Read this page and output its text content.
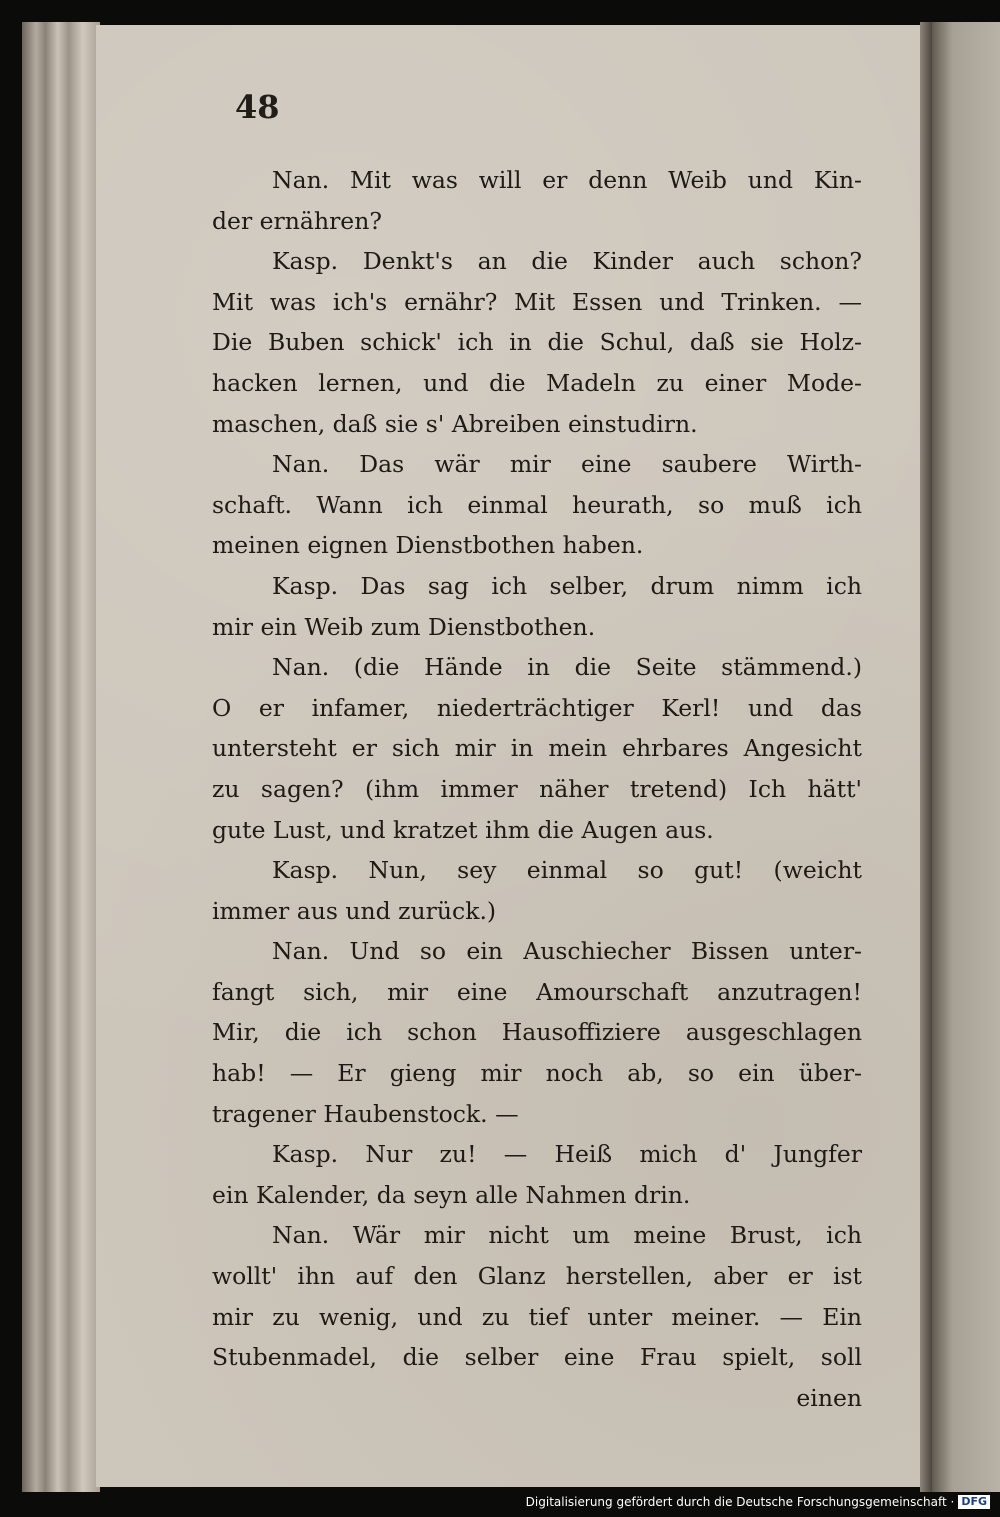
48
Nan. Mit was will er denn Weib und Kin-
der ernähren?
Kasp. Denkt's an die Kinder auch schon?
Mit was ich's ernähr? Mit Essen und Trinken. —
Die Buben schick' ich in die Schul, daß sie Holz-
hacken lernen, und die Madeln zu einer Mode-
maschen, daß sie s' Abreiben einstudirn.
Nan. Das wär mir eine saubere Wirth-
schaft. Wann ich einmal heurath, so muß ich
meinen eignen Dienstbothen haben.
Kasp. Das sag ich selber, drum nimm ich
mir ein Weib zum Dienstbothen.
Nan. (die Hände in die Seite stämmend.)
O er infamer, niederträchtiger Kerl! und das
untersteht er sich mir in mein ehrbares Angesicht
zu sagen? (ihm immer näher tretend) Ich hätt'
gute Lust, und kratzet ihm die Augen aus.
Kasp. Nun, sey einmal so gut! (weicht
immer aus und zurück.)
Nan. Und so ein Auschiecher Bissen unter-
fangt sich, mir eine Amourschaft anzutragen!
Mir, die ich schon Hausoffiziere ausgeschlagen
hab! — Er gieng mir noch ab, so ein über-
tragener Haubenstock. —
Kasp. Nur zu! — Heiß mich d' Jungfer
ein Kalender, da seyn alle Nahmen drin.
Nan. Wär mir nicht um meine Brust, ich
wollt' ihn auf den Glanz herstellen, aber er ist
mir zu wenig, und zu tief unter meiner. — Ein
Stubenmadel, die selber eine Frau spielt, soll
einen
Digitalisierung gefördert durch die Deutsche Forschungsgemeinschaft · DFG
